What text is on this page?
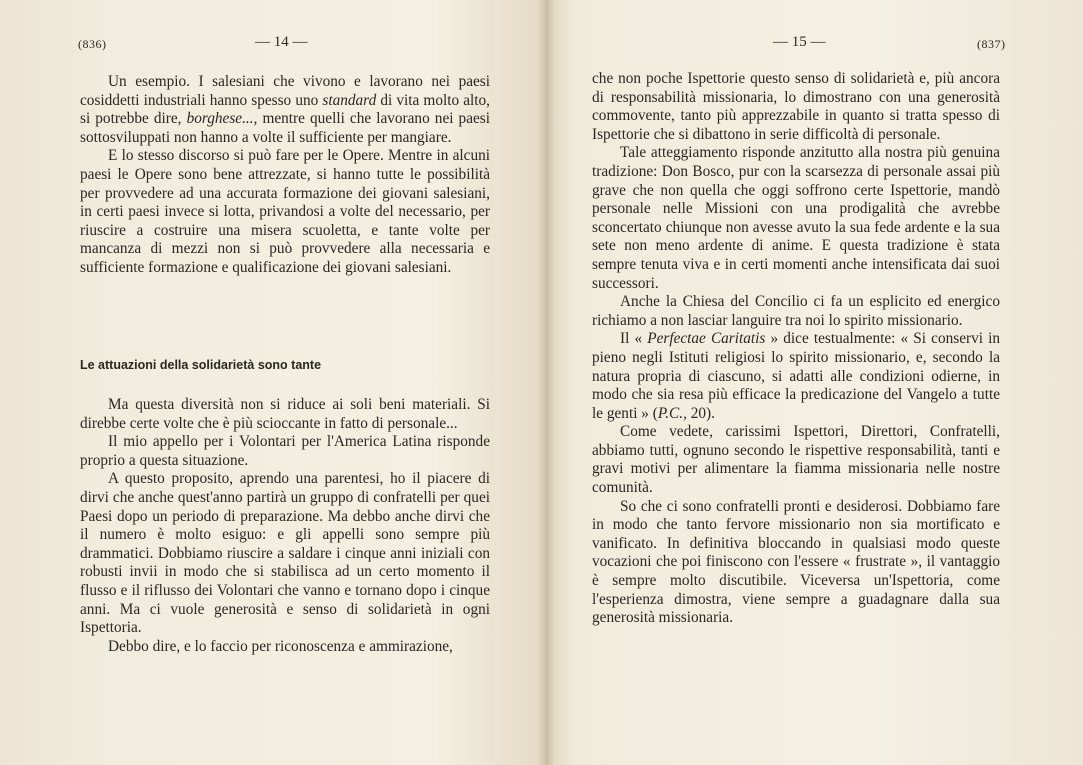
(836)	— 14 —

Un esempio. I salesiani che vivono e lavorano nei paesi cosiddetti industriali hanno spesso uno standard di vita molto alto, si potrebbe dire, borghese..., mentre quelli che lavorano nei paesi sottosviluppati non hanno a volte il sufficiente per mangiare.

E lo stesso discorso si può fare per le Opere. Mentre in alcuni paesi le Opere sono bene attrezzate, si hanno tutte le possibilità per provvedere ad una accurata formazione dei giovani salesiani, in certi paesi invece si lotta, privandosi a volte del necessario, per riuscire a costruire una misera scuoletta, e tante volte per mancanza di mezzi non si può provvedere alla necessaria e sufficiente formazione e qualificazione dei giovani salesiani.

Le attuazioni della solidarietà sono tante

Ma questa diversità non si riduce ai soli beni materiali. Si direbbe certe volte che è più scioccante in fatto di personale...

Il mio appello per i Volontari per l'America Latina risponde proprio a questa situazione.

A questo proposito, aprendo una parentesi, ho il piacere di dirvi che anche quest'anno partirà un gruppo di confratelli per quei Paesi dopo un periodo di preparazione. Ma debbo anche dirvi che il numero è molto esiguo: e gli appelli sono sempre più drammatici. Dobbiamo riuscire a saldare i cinque anni iniziali con robusti invii in modo che si stabilisca ad un certo momento il flusso e il riflusso dei Volontari che vanno e tornano dopo i cinque anni. Ma ci vuole generosità e senso di solidarietà in ogni Ispettoria.

Debbo dire, e lo faccio per riconoscenza e ammirazione,

— 15 —	(837)

che non poche Ispettorie questo senso di solidarietà e, più ancora di responsabilità missionaria, lo dimostrano con una generosità commovente, tanto più apprezzabile in quanto si tratta spesso di Ispettorie che si dibattono in serie difficoltà di personale.

Tale atteggiamento risponde anzitutto alla nostra più genuina tradizione: Don Bosco, pur con la scarsezza di personale assai più grave che non quella che oggi soffrono certe Ispettorie, mandò personale nelle Missioni con una prodigalità che avrebbe sconcertato chiunque non avesse avuto la sua fede ardente e la sua sete non meno ardente di anime. E questa tradizione è stata sempre tenuta viva e in certi momenti anche intensificata dai suoi successori.

Anche la Chiesa del Concilio ci fa un esplicito ed energico richiamo a non lasciar languire tra noi lo spirito missionario.

Il « Perfectae Caritatis » dice testualmente: « Si conservi in pieno negli Istituti religiosi lo spirito missionario, e, secondo la natura propria di ciascuno, si adatti alle condizioni odierne, in modo che sia resa più efficace la predicazione del Vangelo a tutte le genti » (P.C., 20).

Come vedete, carissimi Ispettori, Direttori, Confratelli, abbiamo tutti, ognuno secondo le rispettive responsabilità, tanti e gravi motivi per alimentare la fiamma missionaria nelle nostre comunità.

So che ci sono confratelli pronti e desiderosi. Dobbiamo fare in modo che tanto fervore missionario non sia mortificato e vanificato. In definitiva bloccando in qualsiasi modo queste vocazioni che poi finiscono con l'essere « frustrate », il vantaggio è sempre molto discutibile. Viceversa un'Ispettoria, come l'esperienza dimostra, viene sempre a guadagnare dalla sua generosità missionaria.
